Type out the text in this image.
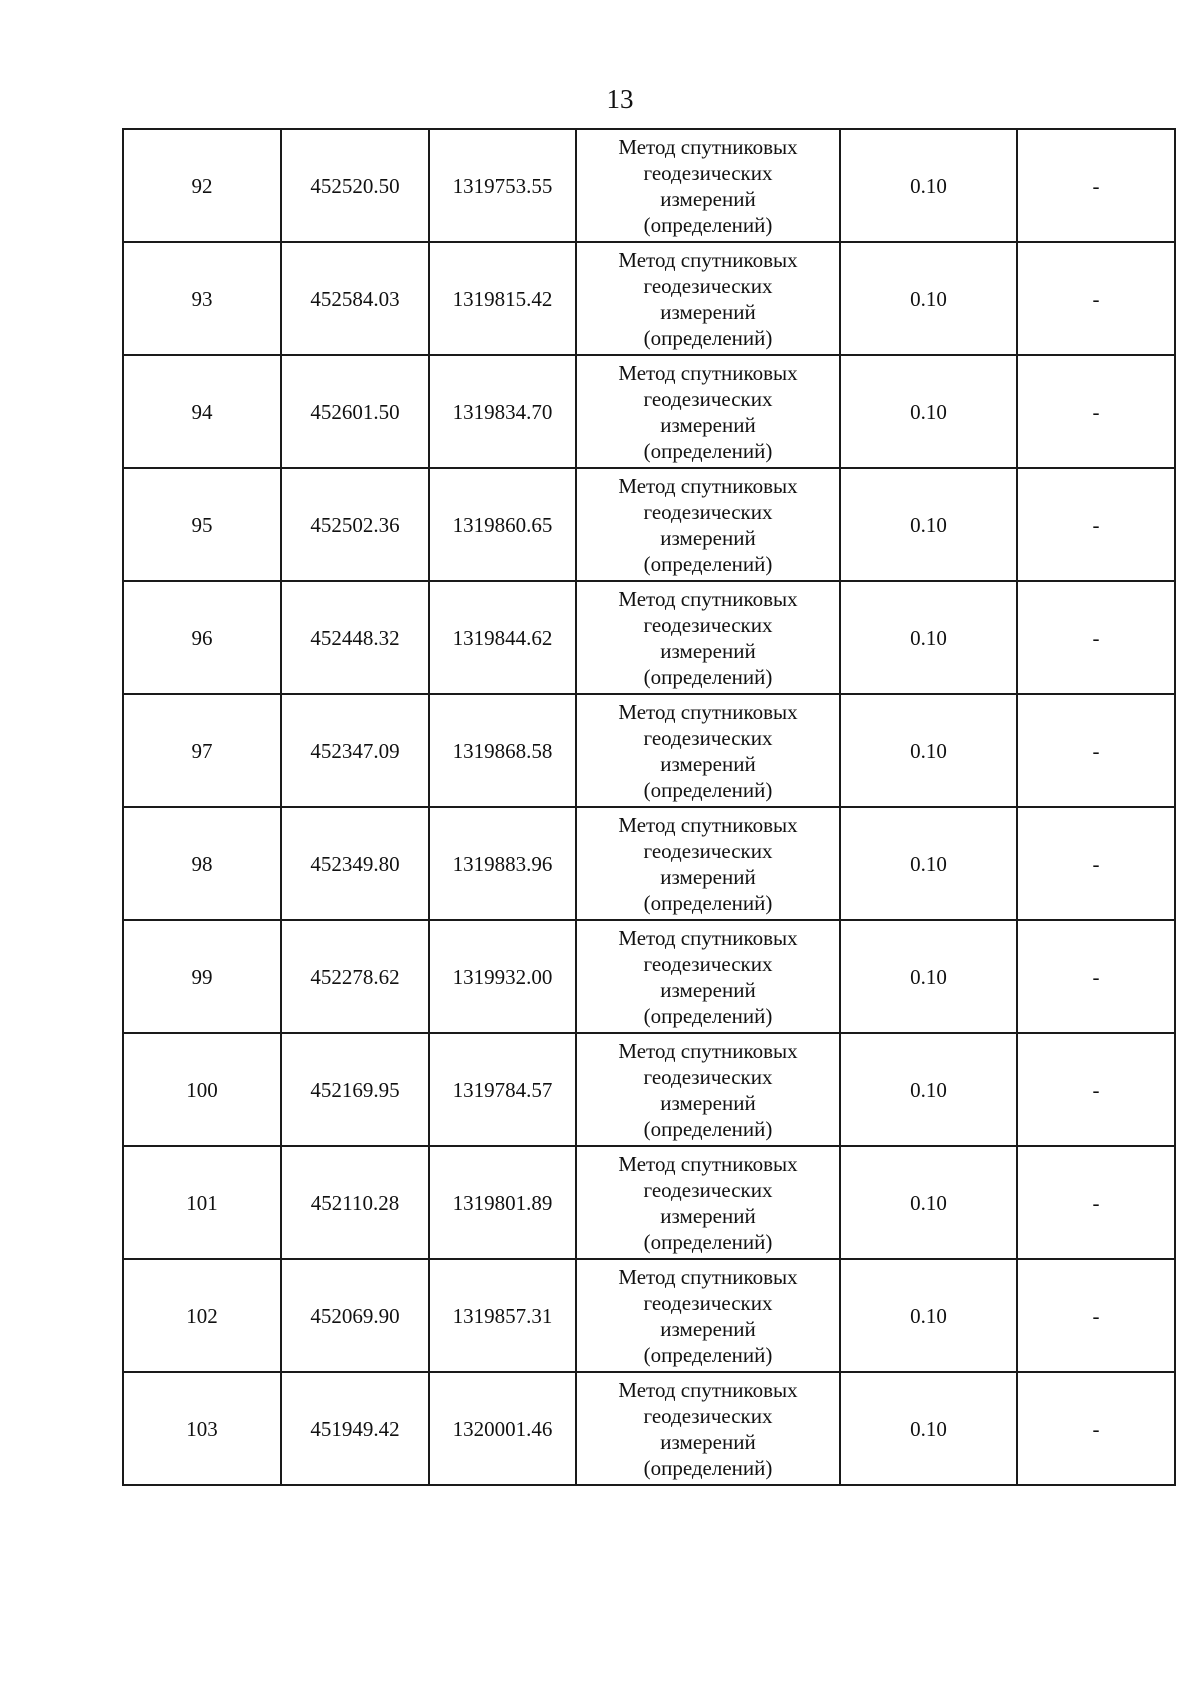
13
92	452520.50	1319753.55	Метод спутниковых
геодезических
измерений
(определений)	0.10	-
93	452584.03	1319815.42	Метод спутниковых
геодезических
измерений
(определений)	0.10	-
94	452601.50	1319834.70	Метод спутниковых
геодезических
измерений
(определений)	0.10	-
95	452502.36	1319860.65	Метод спутниковых
геодезических
измерений
(определений)	0.10	-
96	452448.32	1319844.62	Метод спутниковых
геодезических
измерений
(определений)	0.10	-
97	452347.09	1319868.58	Метод спутниковых
геодезических
измерений
(определений)	0.10	-
98	452349.80	1319883.96	Метод спутниковых
геодезических
измерений
(определений)	0.10	-
99	452278.62	1319932.00	Метод спутниковых
геодезических
измерений
(определений)	0.10	-
100	452169.95	1319784.57	Метод спутниковых
геодезических
измерений
(определений)	0.10	-
101	452110.28	1319801.89	Метод спутниковых
геодезических
измерений
(определений)	0.10	-
102	452069.90	1319857.31	Метод спутниковых
геодезических
измерений
(определений)	0.10	-
103	451949.42	1320001.46	Метод спутниковых
геодезических
измерений
(определений)	0.10	-
